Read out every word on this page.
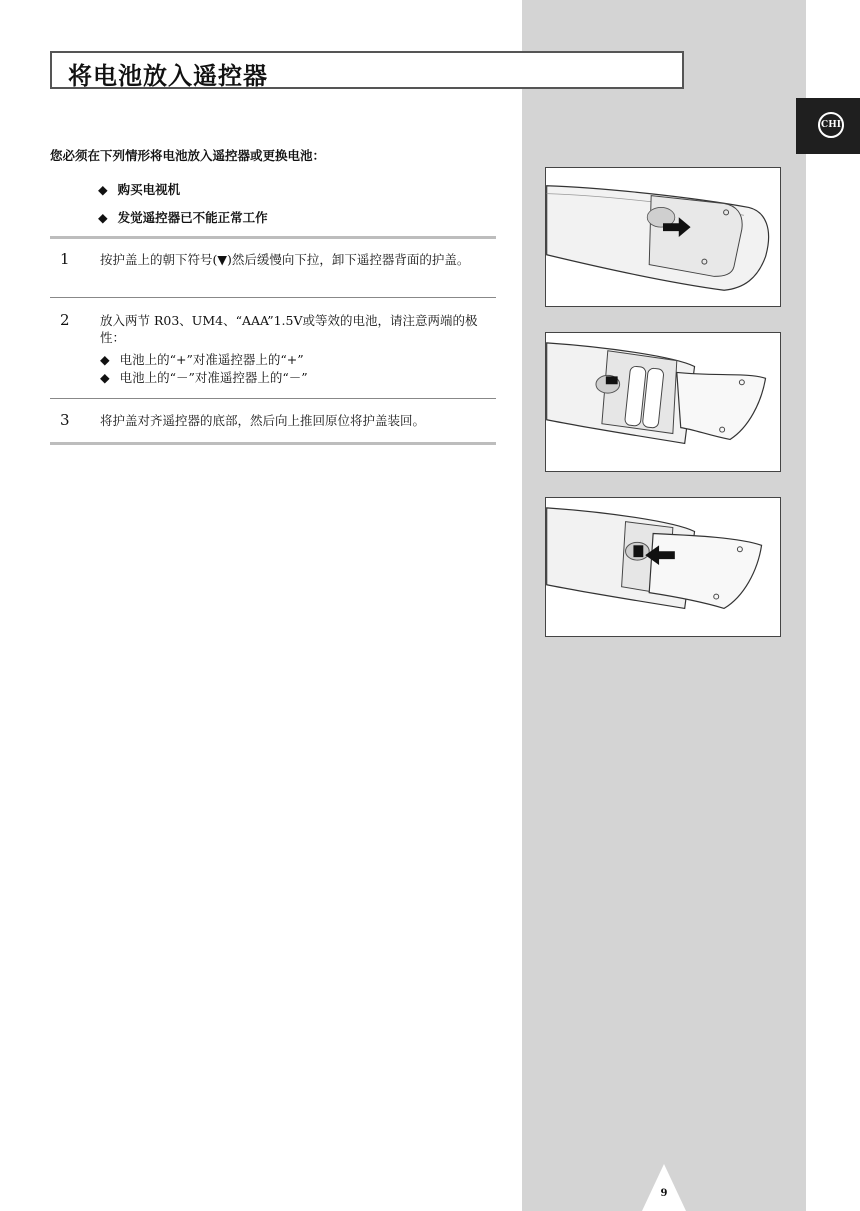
将电池放入遥控器
CHI
您必须在下列情形将电池放入遥控器或更换电池：
◆ 购买电视机
◆ 发觉遥控器已不能正常工作
1 按护盖上的朝下符号(▼)然后缓慢向下拉，卸下遥控器背面的护盖。
2 放入两节 R03、UM4、“AAA”1.5V或等效的电池，请注意两端的极性：
◆ 电池上的“+”对准遥控器上的“+”
◆ 电池上的“－”对准遥控器上的“－”
3 将护盖对齐遥控器的底部，然后向上推回原位将护盖装回。
9
